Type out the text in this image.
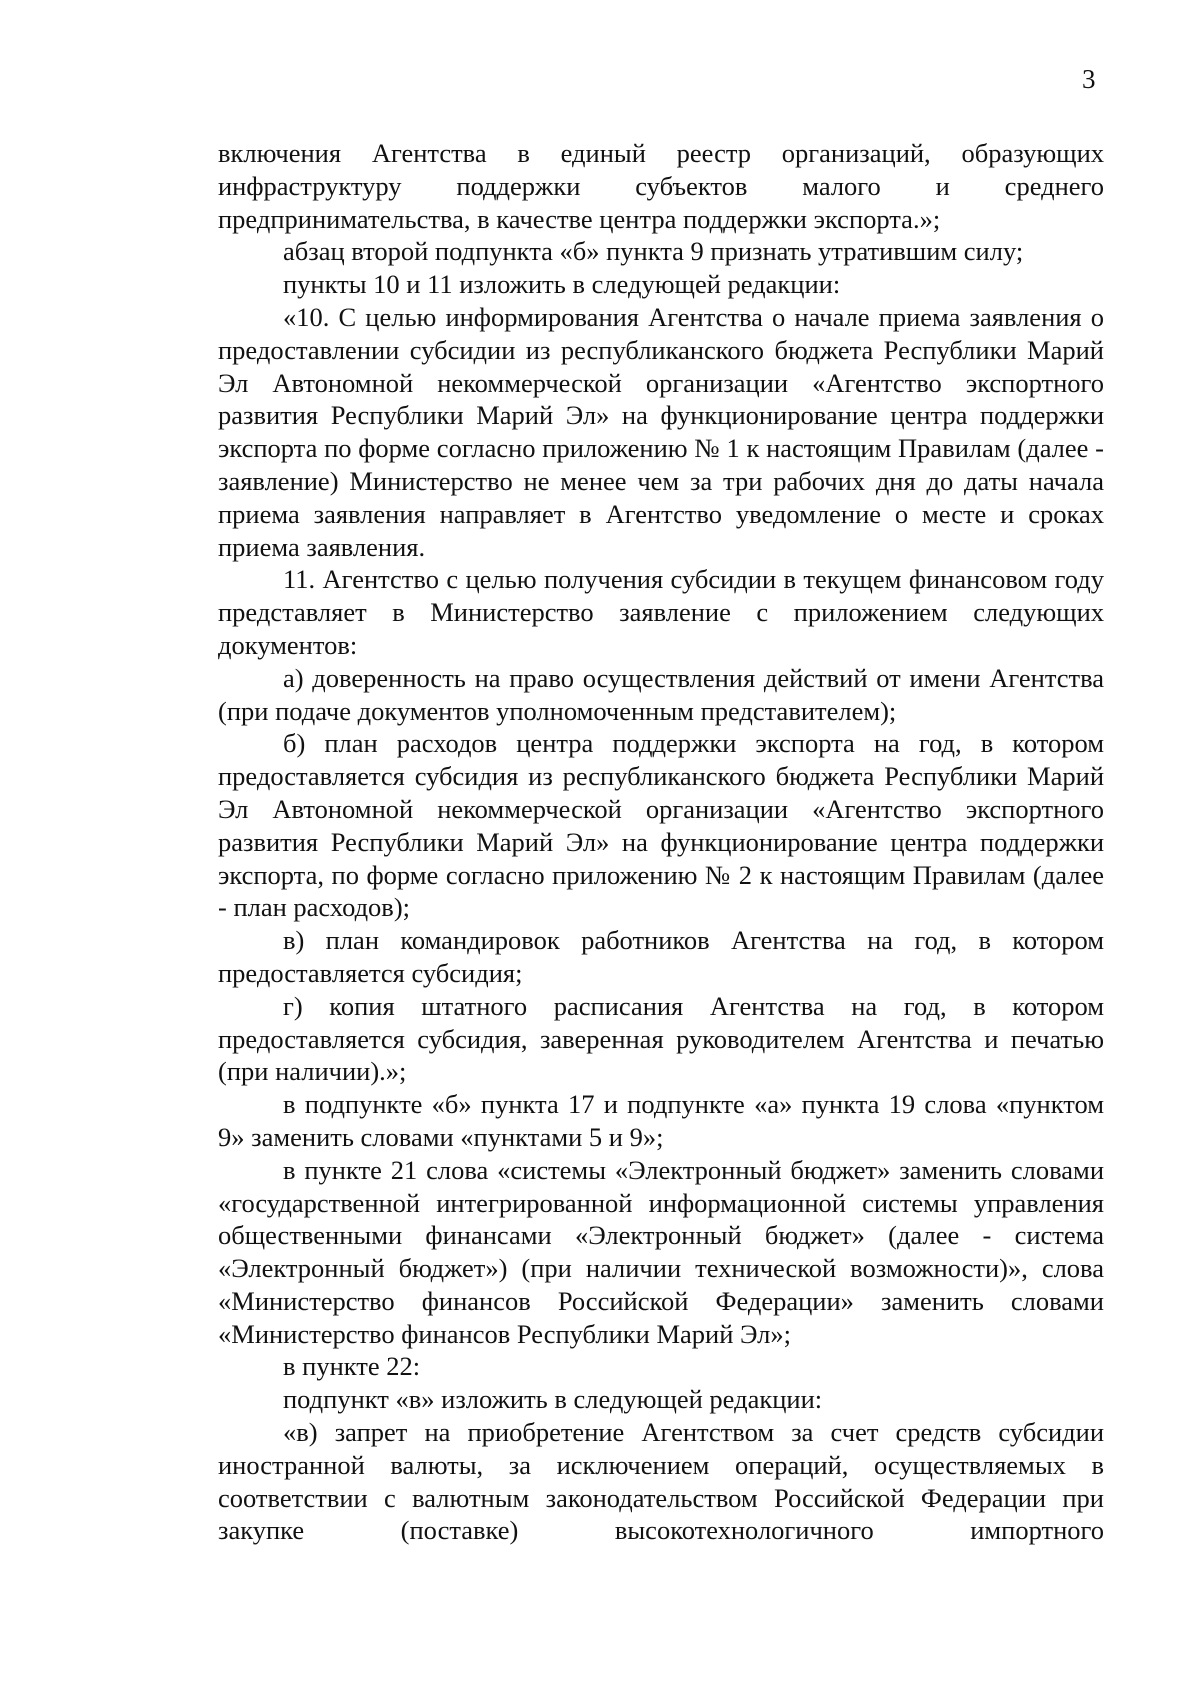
3

включения Агентства в единый реестр организаций, образующих инфраструктуру поддержки субъектов малого и среднего предпринимательства, в качестве центра поддержки экспорта.»;

абзац второй подпункта «б» пункта 9 признать утратившим силу;

пункты 10 и 11 изложить в следующей редакции:

«10. С целью информирования Агентства о начале приема заявления о предоставлении субсидии из республиканского бюджета Республики Марий Эл Автономной некоммерческой организации «Агентство экспортного развития Республики Марий Эл» на функционирование центра поддержки экспорта по форме согласно приложению № 1 к настоящим Правилам (далее - заявление) Министерство не менее чем за три рабочих дня до даты начала приема заявления направляет в Агентство уведомление о месте и сроках приема заявления.

11. Агентство с целью получения субсидии в текущем финансовом году представляет в Министерство заявление с приложением следующих документов:

а) доверенность на право осуществления действий от имени Агентства (при подаче документов уполномоченным представителем);

б) план расходов центра поддержки экспорта на год, в котором предоставляется субсидия из республиканского бюджета Республики Марий Эл Автономной некоммерческой организации «Агентство экспортного развития Республики Марий Эл» на функционирование центра поддержки экспорта, по форме согласно приложению № 2 к настоящим Правилам (далее - план расходов);

в) план командировок работников Агентства на год, в котором предоставляется субсидия;

г) копия штатного расписания Агентства на год, в котором предоставляется субсидия, заверенная руководителем Агентства и печатью (при наличии).»;

в подпункте «б» пункта 17 и подпункте «а» пункта 19 слова «пунктом 9» заменить словами «пунктами 5 и 9»;

в пункте 21 слова «системы «Электронный бюджет» заменить словами «государственной интегрированной информационной системы управления общественными финансами «Электронный бюджет» (далее - система «Электронный бюджет») (при наличии технической возможности)», слова «Министерство финансов Российской Федерации» заменить словами «Министерство финансов Республики Марий Эл»;

в пункте 22:

подпункт «в» изложить в следующей редакции:

«в) запрет на приобретение Агентством за счет средств субсидии иностранной валюты, за исключением операций, осуществляемых в соответствии с валютным законодательством Российской Федерации при закупке (поставке) высокотехнологичного импортного
